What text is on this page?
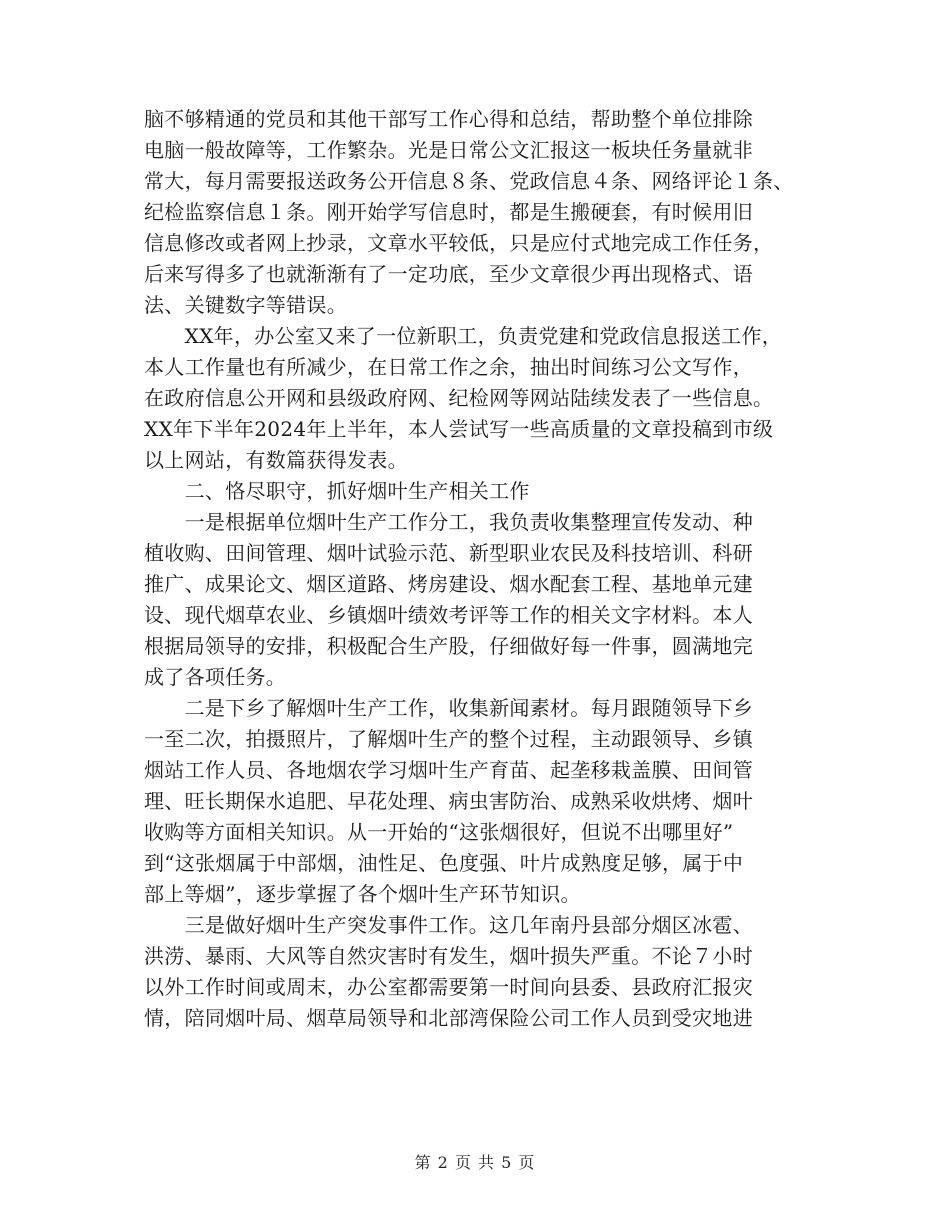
脑不够精通的党员和其他干部写工作心得和总结，帮助整个单位排除
电脑一般故障等，工作繁杂。光是日常公文汇报这一板块任务量就非
常大，每月需要报送政务公开信息８条、党政信息４条、网络评论１条、
纪检监察信息１条。刚开始学写信息时，都是生搬硬套，有时候用旧
信息修改或者网上抄录，文章水平较低，只是应付式地完成工作任务，
后来写得多了也就渐渐有了一定功底，至少文章很少再出现格式、语
法、关键数字等错误。
　　XX年，办公室又来了一位新职工，负责党建和党政信息报送工作，
本人工作量也有所减少，在日常工作之余，抽出时间练习公文写作，
在政府信息公开网和县级政府网、纪检网等网站陆续发表了一些信息。
XX年下半年2024年上半年，本人尝试写一些高质量的文章投稿到市级
以上网站，有数篇获得发表。
　　二、恪尽职守，抓好烟叶生产相关工作
　　一是根据单位烟叶生产工作分工，我负责收集整理宣传发动、种
植收购、田间管理、烟叶试验示范、新型职业农民及科技培训、科研
推广、成果论文、烟区道路、烤房建设、烟水配套工程、基地单元建
设、现代烟草农业、乡镇烟叶绩效考评等工作的相关文字材料。本人
根据局领导的安排，积极配合生产股，仔细做好每一件事，圆满地完
成了各项任务。
　　二是下乡了解烟叶生产工作，收集新闻素材。每月跟随领导下乡
一至二次，拍摄照片，了解烟叶生产的整个过程，主动跟领导、乡镇
烟站工作人员、各地烟农学习烟叶生产育苗、起垄移栽盖膜、田间管
理、旺长期保水追肥、早花处理、病虫害防治、成熟采收烘烤、烟叶
收购等方面相关知识。从一开始的“这张烟很好，但说不出哪里好”
到“这张烟属于中部烟，油性足、色度强、叶片成熟度足够，属于中
部上等烟”，逐步掌握了各个烟叶生产环节知识。
　　三是做好烟叶生产突发事件工作。这几年南丹县部分烟区冰雹、
洪涝、暴雨、大风等自然灾害时有发生，烟叶损失严重。不论７小时
以外工作时间或周末，办公室都需要第一时间向县委、县政府汇报灾
情，陪同烟叶局、烟草局领导和北部湾保险公司工作人员到受灾地进
第 2 页 共 5 页
